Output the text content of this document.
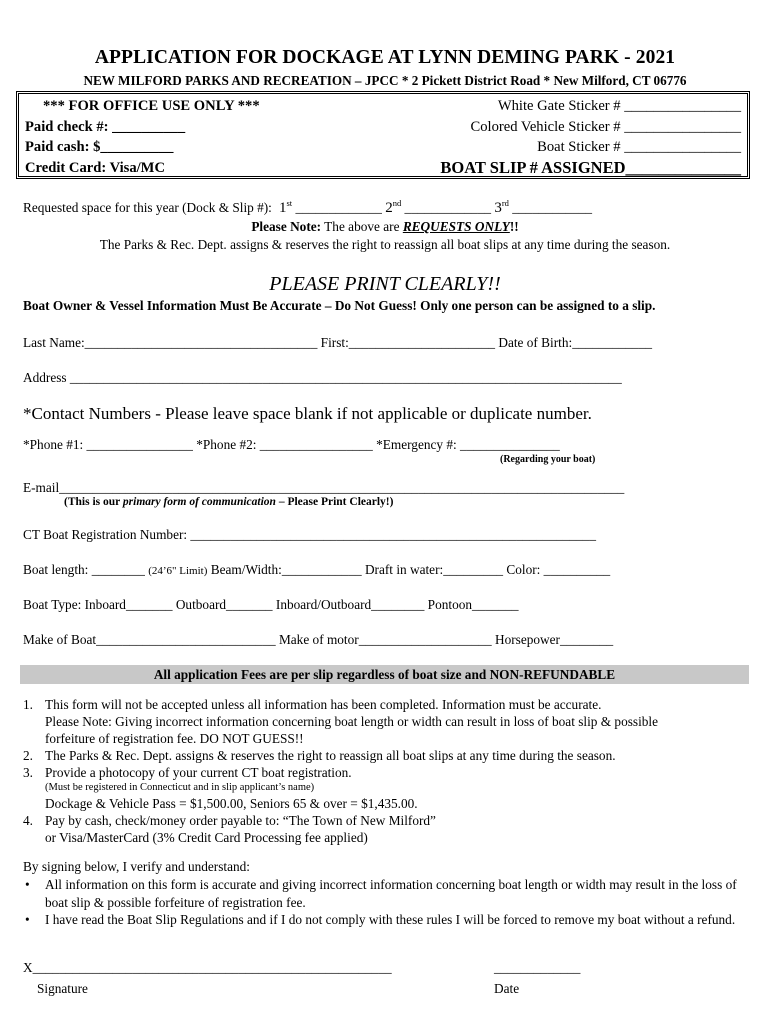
APPLICATION FOR DOCKAGE AT LYNN DEMING PARK - 2021
NEW MILFORD PARKS AND RECREATION – JPCC * 2 Pickett District Road * New Milford, CT 06776
*** FOR OFFICE USE ONLY ***
Paid check #: __________
Paid cash: $__________
Credit Card: Visa/MC
White Gate Sticker # ________________
Colored Vehicle Sticker # ________________
Boat Sticker # ________________
BOAT SLIP # ASSIGNED______________
Requested space for this year (Dock & Slip #): 1st _____________ 2nd _____________ 3rd ____________
Please Note: The above are REQUESTS ONLY!!
The Parks & Rec. Dept. assigns & reserves the right to reassign all boat slips at any time during the season.
PLEASE PRINT CLEARLY!!
Boat Owner & Vessel Information Must Be Accurate – Do Not Guess! Only one person can be assigned to a slip.
Last Name:___________________________________ First:______________________ Date of Birth:____________
Address ___________________________________________________________________________________
*Contact Numbers - Please leave space blank if not applicable or duplicate number.
*Phone #1: ________________ *Phone #2: _________________ *Emergency #: _______________
(Regarding your boat)
E-mail_____________________________________________________________________________________
(This is our primary form of communication – Please Print Clearly!)
CT Boat Registration Number: _____________________________________________________________
Boat length: ________ (24’6" Limit) Beam/Width:____________ Draft in water:_________ Color: __________
Boat Type: Inboard_______ Outboard_______ Inboard/Outboard________ Pontoon_______
Make of Boat___________________________ Make of motor____________________ Horsepower________
All application Fees are per slip regardless of boat size and NON-REFUNDABLE
1. This form will not be accepted unless all information has been completed. Information must be accurate.
Please Note: Giving incorrect information concerning boat length or width can result in loss of boat slip & possible
forfeiture of registration fee. DO NOT GUESS!!
2. The Parks & Rec. Dept. assigns & reserves the right to reassign all boat slips at any time during the season.
3. Provide a photocopy of your current CT boat registration.
(Must be registered in Connecticut and in slip applicant’s name)
Dockage & Vehicle Pass = $1,500.00, Seniors 65 & over = $1,435.00.
4. Pay by cash, check/money order payable to: “The Town of New Milford”
or Visa/MasterCard (3% Credit Card Processing fee applied)
By signing below, I verify and understand:
• All information on this form is accurate and giving incorrect information concerning boat length or width may result in the loss of boat slip & possible forfeiture of registration fee.
• I have read the Boat Slip Regulations and if I do not comply with these rules I will be forced to remove my boat without a refund.
X______________________________________________________
Signature
_____________
Date
